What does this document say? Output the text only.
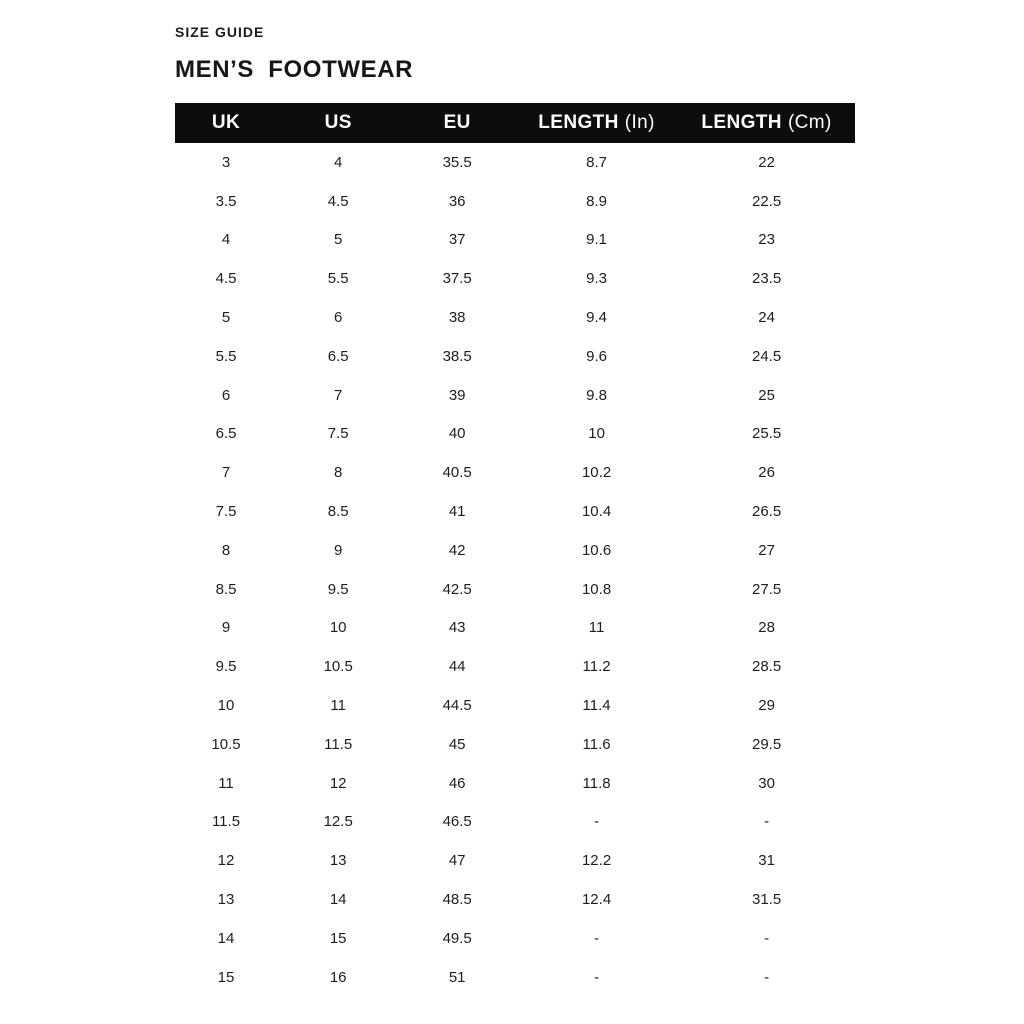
SIZE GUIDE
MEN’S FOOTWEAR
UK	US	EU	LENGTH (In)	LENGTH (Cm)
3	4	35.5	8.7	22
3.5	4.5	36	8.9	22.5
4	5	37	9.1	23
4.5	5.5	37.5	9.3	23.5
5	6	38	9.4	24
5.5	6.5	38.5	9.6	24.5
6	7	39	9.8	25
6.5	7.5	40	10	25.5
7	8	40.5	10.2	26
7.5	8.5	41	10.4	26.5
8	9	42	10.6	27
8.5	9.5	42.5	10.8	27.5
9	10	43	11	28
9.5	10.5	44	11.2	28.5
10	11	44.5	11.4	29
10.5	11.5	45	11.6	29.5
11	12	46	11.8	30
11.5	12.5	46.5	-	-
12	13	47	12.2	31
13	14	48.5	12.4	31.5
14	15	49.5	-	-
15	16	51	-	-
